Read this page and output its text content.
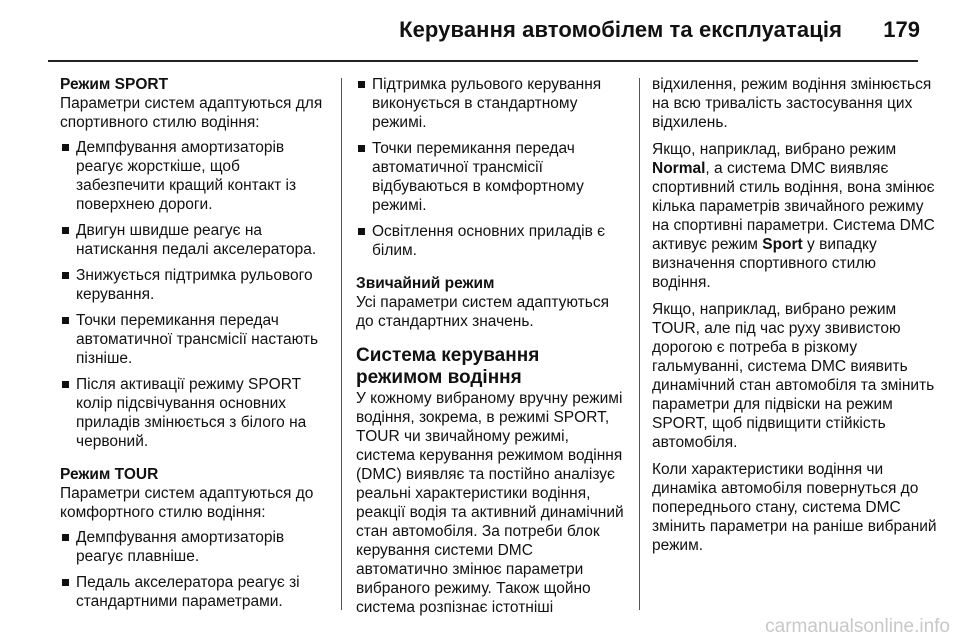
Керування автомобілем та експлуатація 179
Режим SPORT
Параметри систем адаптуються для спортивного стилю водіння:
Демпфування амортизаторів реагує жорсткіше, щоб забезпечити кращий контакт із поверхнею дороги.
Двигун швидше реагує на натискання педалі акселератора.
Знижується підтримка рульового керування.
Точки перемикання передач автоматичної трансмісії настають пізніше.
Після активації режиму SPORT колір підсвічування основних приладів змінюється з білого на червоний.
Режим TOUR
Параметри систем адаптуються до комфортного стилю водіння:
Демпфування амортизаторів реагує плавніше.
Педаль акселератора реагує зі стандартними параметрами.
Підтримка рульового керування виконується в стандартному режимі.
Точки перемикання передач автоматичної трансмісії відбуваються в комфортному режимі.
Освітлення основних приладів є білим.
Звичайний режим
Усі параметри систем адаптуються до стандартних значень.
Система керування режимом водіння
У кожному вибраному вручну режимі водіння, зокрема, в режимі SPORT, TOUR чи звичайному режимі, система керування режимом водіння (DMC) виявляє та постійно аналізує реальні характеристики водіння, реакції водія та активний динамічний стан автомобіля. За потреби блок керування системи DMC автоматично змінює параметри вибраного режиму. Також щойно система розпізнає істотніші

відхилення, режим водіння змінюється на всю тривалість застосування цих відхилень.

Якщо, наприклад, вибрано режим Normal, а система DMC виявляє спортивний стиль водіння, вона змінює кілька параметрів звичайного режиму на спортивні параметри. Система DMC активує режим Sport у випадку визначення спортивного стилю водіння.

Якщо, наприклад, вибрано режим TOUR, але під час руху звивистою дорогою є потреба в різкому гальмуванні, система DMC виявить динамічний стан автомобіля та змінить параметри для підвіски на режим SPORT, щоб підвищити стійкість автомобіля.

Коли характеристики водіння чи динаміка автомобіля повернуться до попереднього стану, система DMC змінить параметри на раніше вибраний режим.

carmanualsonline.info
